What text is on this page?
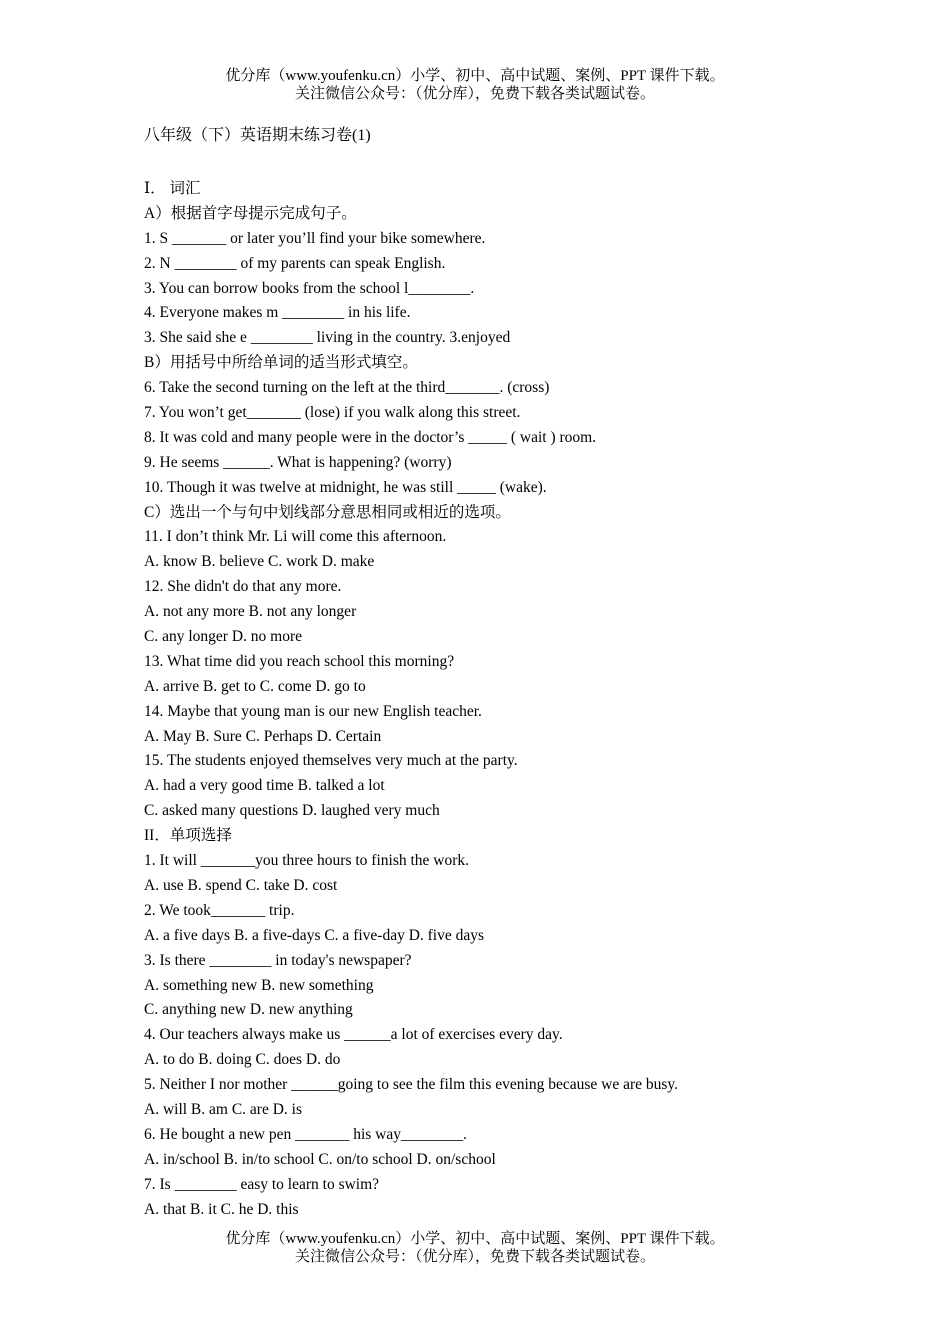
优分库（www.youfenku.cn）小学、初中、高中试题、案例、PPT 课件下载。
关注微信公众号：（优分库），免费下载各类试题试卷。
八年级（下）英语期末练习卷(1)
Ⅰ． 词汇
A）根据首字母提示完成句子。
1. S _______ or later you’ll find your bike somewhere.
2. N ________ of my parents can speak English.
3. You can borrow books from the school l________.
4. Everyone makes m ________ in his life.
3. She said she e ________ living in the country. 3.enjoyed
B）用括号中所给单词的适当形式填空。
6. Take the second turning on the left at the third_______. (cross)
7. You won’t get_______ (lose) if you walk along this street.
8. It was cold and many people were in the doctor’s _____ ( wait ) room.
9. He seems ______. What is happening? (worry)
10. Though it was twelve at midnight, he was still _____ (wake).
C）选出一个与句中划线部分意思相同或相近的选项。
11. I don’t think Mr. Li will come this afternoon.
A. know B. believe C. work D. make
12. She didn't do that any more.
A. not any more B. not any longer
C. any longer D. no more
13. What time did you reach school this morning?
A. arrive B. get to C. come D. go to
14. Maybe that young man is our new English teacher.
A. May B. Sure C. Perhaps D. Certain
15. The students enjoyed themselves very much at the party.
A. had a very good time B. talked a lot
C. asked many questions D. laughed very much
II．单项选择
1. It will _______you three hours to finish the work.
A. use B. spend C. take D. cost
2. We took_______ trip.
A. a five days B. a five-days C. a five-day D. five days
3. Is there ________ in today's newspaper?
A. something new B. new something
C. anything new D. new anything
4. Our teachers always make us ______a lot of exercises every day.
A. to do B. doing C. does D. do
5. Neither I nor mother ______going to see the film this evening because we are busy.
A. will B. am C. are D. is
6. He bought a new pen _______ his way________.
A. in/school B. in/to school C. on/to school D. on/school
7. Is ________ easy to learn to swim?
A. that B. it C. he D. this
优分库（www.youfenku.cn）小学、初中、高中试题、案例、PPT 课件下载。
关注微信公众号：（优分库），免费下载各类试题试卷。
